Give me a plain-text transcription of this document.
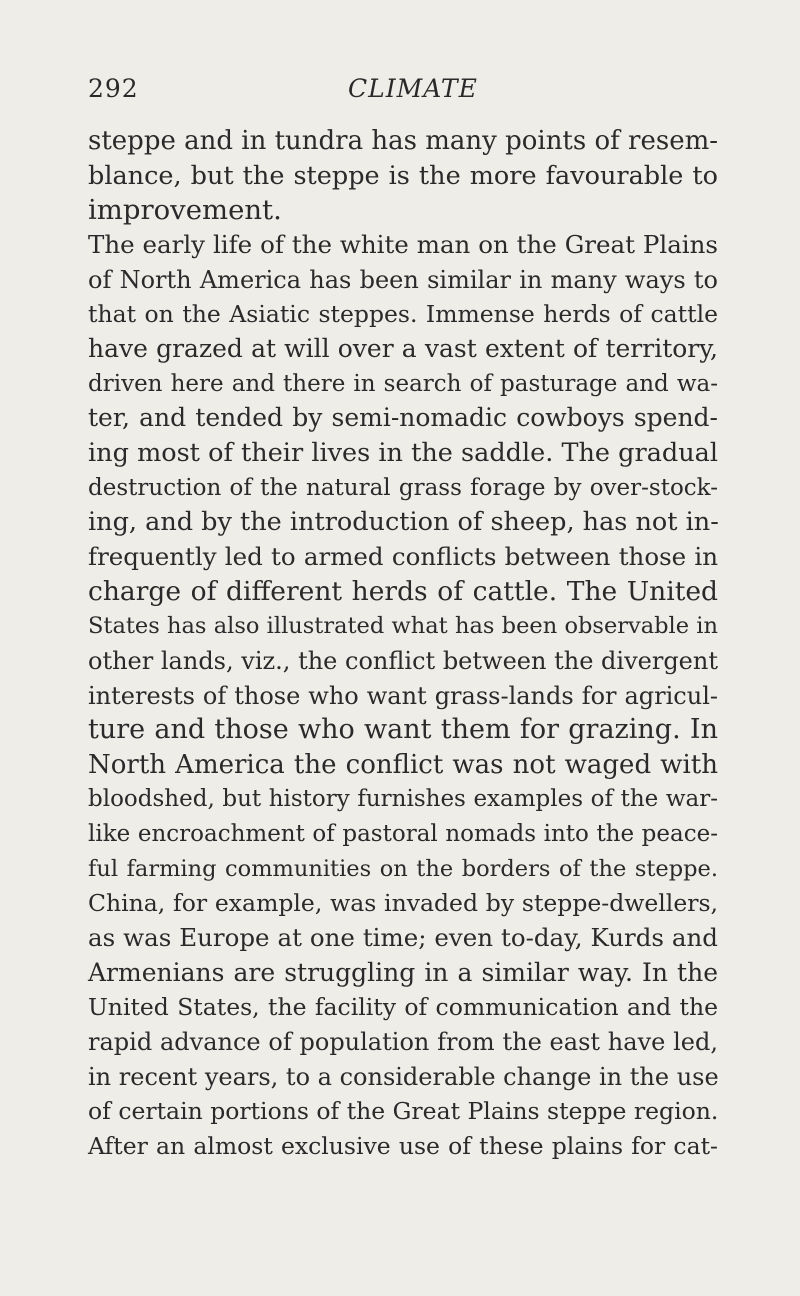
292	CLIMATE
steppe and in tundra has many points of resem-
blance, but the steppe is the more favourable to
improvement.
The early life of the white man on the Great Plains
of North America has been similar in many ways to
that on the Asiatic steppes. Immense herds of cattle
have grazed at will over a vast extent of territory,
driven here and there in search of pasturage and wa-
ter, and tended by semi-nomadic cowboys spend-
ing most of their lives in the saddle. The gradual
destruction of the natural grass forage by over-stock-
ing, and by the introduction of sheep, has not in-
frequently led to armed conflicts between those in
charge of different herds of cattle. The United
States has also illustrated what has been observable in
other lands, viz., the conflict between the divergent
interests of those who want grass-lands for agricul-
ture and those who want them for grazing. In
North America the conflict was not waged with
bloodshed, but history furnishes examples of the war-
like encroachment of pastoral nomads into the peace-
ful farming communities on the borders of the steppe.
China, for example, was invaded by steppe-dwellers,
as was Europe at one time; even to-day, Kurds and
Armenians are struggling in a similar way. In the
United States, the facility of communication and the
rapid advance of population from the east have led,
in recent years, to a considerable change in the use
of certain portions of the Great Plains steppe region.
After an almost exclusive use of these plains for cat-
